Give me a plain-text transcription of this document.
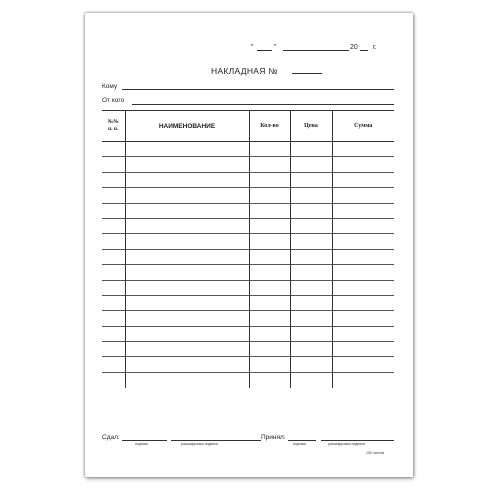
"	"	20 г.
НАКЛАДНАЯ №
Кому
От кого
№№
п. п.	НАИМЕНОВАНИЕ	Кол-во	Цена	Сумма

Сдал:
подпись	расшифровка подписи
Принял:
подпись	расшифровка подписи
100 листов
